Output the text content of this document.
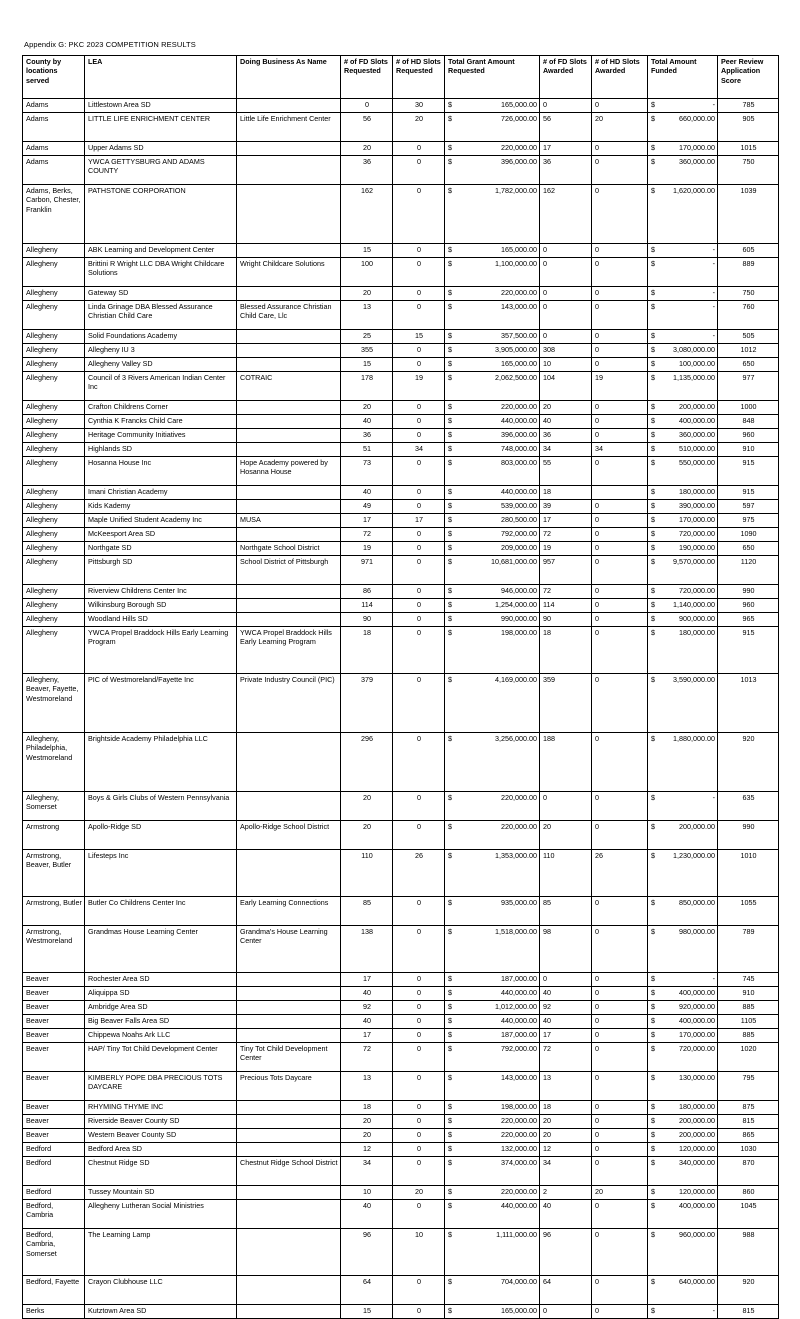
Appendix G: PKC 2023 COMPETITION RESULTS
County by locations served	LEA	Doing Business As Name	# of FD Slots Requested	# of HD Slots Requested	Total Grant Amount Requested	# of FD Slots Awarded	# of HD Slots Awarded	Total Amount Funded	Peer Review Application Score
Adams	Littlestown Area SD		0	30	$ 165,000.00	0	0	$ -	785
Adams	LITTLE LIFE ENRICHMENT CENTER	Little Life Enrichment Center	56	20	$ 726,000.00	56	20	$ 660,000.00	905
Adams	Upper Adams SD		20	0	$ 220,000.00	17	0	$ 170,000.00	1015
Adams	YWCA GETTYSBURG AND ADAMS COUNTY		36	0	$ 396,000.00	36	0	$ 360,000.00	750
Adams, Berks, Carbon, Chester, Franklin	PATHSTONE CORPORATION		162	0	$ 1,782,000.00	162	0	$ 1,620,000.00	1039
Allegheny	ABK Learning and Development Center		15	0	$ 165,000.00	0	0	$ -	605
Allegheny	Brittini R Wright LLC DBA Wright Childcare Solutions	Wright Childcare Solutions	100	0	$ 1,100,000.00	0	0	$ -	889
Allegheny	Gateway SD		20	0	$ 220,000.00	0	0	$ -	750
Allegheny	Linda Grinage DBA Blessed Assurance Christian Child Care	Blessed Assurance Christian Child Care, Llc	13	0	$ 143,000.00	0	0	$ -	760
Allegheny	Solid Foundations Academy		25	15	$ 357,500.00	0	0	$ -	505
Allegheny	Allegheny IU 3		355	0	$ 3,905,000.00	308	0	$ 3,080,000.00	1012
Allegheny	Allegheny Valley SD		15	0	$ 165,000.00	10	0	$ 100,000.00	650
Allegheny	Council of 3 Rivers American Indian Center Inc	COTRAIC	178	19	$ 2,062,500.00	104	19	$ 1,135,000.00	977
Allegheny	Crafton Childrens Corner		20	0	$ 220,000.00	20	0	$ 200,000.00	1000
Allegheny	Cynthia K Francks Child Care		40	0	$ 440,000.00	40	0	$ 400,000.00	848
Allegheny	Heritage Community Initiatives		36	0	$ 396,000.00	36	0	$ 360,000.00	960
Allegheny	Highlands SD		51	34	$ 748,000.00	34	34	$ 510,000.00	910
Allegheny	Hosanna House Inc	Hope Academy powered by Hosanna House	73	0	$ 803,000.00	55	0	$ 550,000.00	915
Allegheny	Imani Christian Academy		40	0	$ 440,000.00	18		$ 180,000.00	915
Allegheny	Kids Kademy		49	0	$ 539,000.00	39	0	$ 390,000.00	597
Allegheny	Maple Unified Student Academy Inc	MUSA	17	17	$ 280,500.00	17	0	$ 170,000.00	975
Allegheny	McKeesport Area SD		72	0	$ 792,000.00	72	0	$ 720,000.00	1090
Allegheny	Northgate SD	Northgate School District	19	0	$ 209,000.00	19	0	$ 190,000.00	650
Allegheny	Pittsburgh SD	School District of Pittsburgh	971	0	$ 10,681,000.00	957	0	$ 9,570,000.00	1120
Allegheny	Riverview Childrens Center Inc		86	0	$ 946,000.00	72	0	$ 720,000.00	990
Allegheny	Wilkinsburg Borough SD		114	0	$ 1,254,000.00	114	0	$ 1,140,000.00	960
Allegheny	Woodland Hills SD		90	0	$ 990,000.00	90	0	$ 900,000.00	965
Allegheny	YWCA Propel Braddock Hills Early Learning Program	YWCA Propel Braddock Hills Early Learning Program	18	0	$ 198,000.00	18	0	$ 180,000.00	915
Allegheny, Beaver, Fayette, Westmoreland	PIC of Westmoreland/Fayette Inc	Private Industry Council (PIC)	379	0	$ 4,169,000.00	359	0	$ 3,590,000.00	1013
Allegheny, Philadelphia, Westmoreland	Brightside Academy Philadelphia LLC		296	0	$ 3,256,000.00	188	0	$ 1,880,000.00	920
Allegheny, Somerset	Boys & Girls Clubs of Western Pennsylvania		20	0	$ 220,000.00	0	0	$ -	635
Armstrong	Apollo-Ridge SD	Apollo-Ridge School District	20	0	$ 220,000.00	20	0	$ 200,000.00	990
Armstrong, Beaver, Butler	Lifesteps Inc		110	26	$ 1,353,000.00	110	26	$ 1,230,000.00	1010
Armstrong, Butler	Butler Co Childrens Center Inc	Early Learning Connections	85	0	$ 935,000.00	85	0	$ 850,000.00	1055
Armstrong, Westmoreland	Grandmas House Learning Center	Grandma's House Learning Center	138	0	$ 1,518,000.00	98	0	$ 980,000.00	789
Beaver	Rochester Area SD		17	0	$ 187,000.00	0	0	$ -	745
Beaver	Aliquippa SD		40	0	$ 440,000.00	40	0	$ 400,000.00	910
Beaver	Ambridge Area SD		92	0	$ 1,012,000.00	92	0	$ 920,000.00	885
Beaver	Big Beaver Falls Area SD		40	0	$ 440,000.00	40	0	$ 400,000.00	1105
Beaver	Chippewa Noahs Ark LLC		17	0	$ 187,000.00	17	0	$ 170,000.00	885
Beaver	HAP/ Tiny Tot Child Development Center	Tiny Tot Child Development Center	72	0	$ 792,000.00	72	0	$ 720,000.00	1020
Beaver	KIMBERLY POPE DBA PRECIOUS TOTS DAYCARE	Precious Tots Daycare	13	0	$ 143,000.00	13	0	$ 130,000.00	795
Beaver	RHYMING THYME INC		18	0	$ 198,000.00	18	0	$ 180,000.00	875
Beaver	Riverside Beaver County SD		20	0	$ 220,000.00	20	0	$ 200,000.00	815
Beaver	Western Beaver County SD		20	0	$ 220,000.00	20	0	$ 200,000.00	865
Bedford	Bedford Area SD		12	0	$ 132,000.00	12	0	$ 120,000.00	1030
Bedford	Chestnut Ridge SD	Chestnut Ridge School District	34	0	$ 374,000.00	34	0	$ 340,000.00	870
Bedford	Tussey Mountain SD		10	20	$ 220,000.00	2	20	$ 120,000.00	860
Bedford, Cambria	Allegheny Lutheran Social Ministries		40	0	$ 440,000.00	40	0	$ 400,000.00	1045
Bedford, Cambria, Somerset	The Learning Lamp		96	10	$ 1,111,000.00	96	0	$ 960,000.00	988
Bedford, Fayette	Crayon Clubhouse LLC		64	0	$ 704,000.00	64	0	$ 640,000.00	920
Berks	Kutztown Area SD		15	0	$ 165,000.00	0	0	$ -	815
